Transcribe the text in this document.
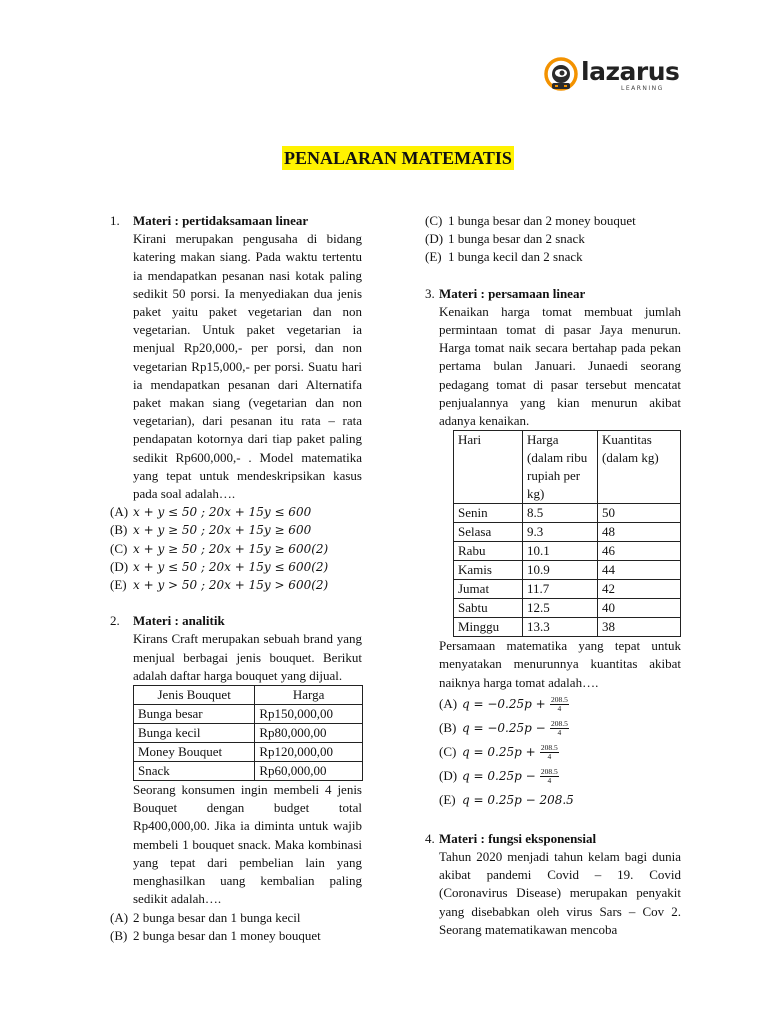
lazarus
LEARNING
PENALARAN MATEMATIS
1. Materi : pertidaksamaan linear
Kirani merupakan pengusaha di bidang katering makan siang. Pada waktu tertentu ia mendapatkan pesanan nasi kotak paling sedikit 50 porsi. Ia menyediakan dua jenis paket yaitu paket vegetarian dan non vegetarian. Untuk paket vegetarian ia menjual Rp20,000,- per porsi, dan non vegetarian Rp15,000,- per porsi. Suatu hari ia mendapatkan pesanan dari Alternatifa paket makan siang (vegetarian dan non vegetarian), dari pesanan itu rata – rata pendapatan kotornya dari tiap paket paling sedikit Rp600,000,- . Model matematika yang tepat untuk mendeskripsikan kasus pada soal adalah….
(A) x + y ≤ 50 ; 20x + 15y ≤ 600
(B) x + y ≥ 50 ; 20x + 15y ≥ 600
(C) x + y ≥ 50 ; 20x + 15y ≥ 600(2)
(D) x + y ≤ 50 ; 20x + 15y ≤ 600(2)
(E) x + y > 50 ; 20x + 15y > 600(2)
2. Materi : analitik
Kirans Craft merupakan sebuah brand yang menjual berbagai jenis bouquet. Berikut adalah daftar harga bouquet yang dijual.
Jenis Bouquet	Harga
Bunga besar	Rp150,000,00
Bunga kecil	Rp80,000,00
Money Bouquet	Rp120,000,00
Snack	Rp60,000,00
Seorang konsumen ingin membeli 4 jenis Bouquet dengan budget total Rp400,000,00. Jika ia diminta untuk wajib membeli 1 bouquet snack. Maka kombinasi yang tepat dari pembelian lain yang menghasilkan uang kembalian paling sedikit adalah….
(A) 2 bunga besar dan 1 bunga kecil
(B) 2 bunga besar dan 1 money bouquet
(C) 1 bunga besar dan 2 money bouquet
(D) 1 bunga besar dan 2 snack
(E) 1 bunga kecil dan 2 snack
3. Materi : persamaan linear
Kenaikan harga tomat membuat jumlah permintaan tomat di pasar Jaya menurun. Harga tomat naik secara bertahap pada pekan pertama bulan Januari. Junaedi seorang pedagang tomat di pasar tersebut mencatat penjualannya yang kian menurun akibat adanya kenaikan.
Hari	Harga (dalam ribu rupiah per kg)	Kuantitas (dalam kg)
Senin	8.5	50
Selasa	9.3	48
Rabu	10.1	46
Kamis	10.9	44
Jumat	11.7	42
Sabtu	12.5	40
Minggu	13.3	38
Persamaan matematika yang tepat untuk menyatakan menurunnya kuantitas akibat naiknya harga tomat adalah….
(A) $q = -0.25p + \frac{208.5}{4}$
(B) $q = -0.25p - \frac{208.5}{4}$
(C) $q = 0.25p + \frac{208.5}{4}$
(D) $q = 0.25p - \frac{208.5}{4}$
(E) q = 0.25p − 208.5
4. Materi : fungsi eksponensial
Tahun 2020 menjadi tahun kelam bagi dunia akibat pandemi Covid – 19. Covid (Coronavirus Disease) merupakan penyakit yang disebabkan oleh virus Sars – Cov 2. Seorang matematikawan mencoba
